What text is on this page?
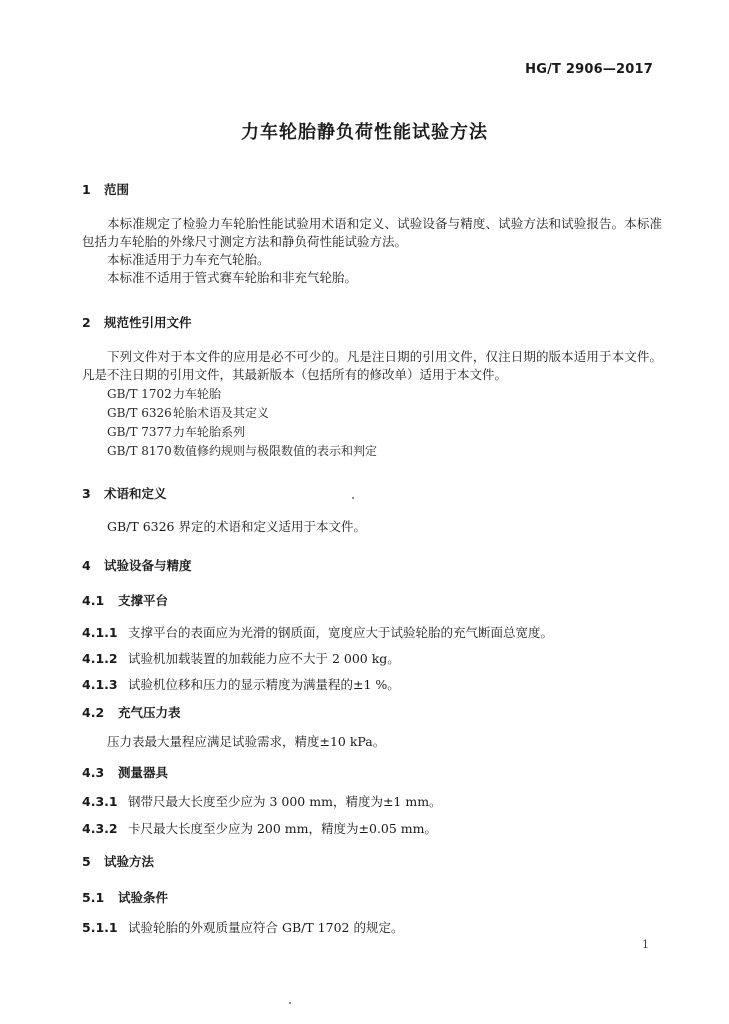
HG/T 2906—2017
力车轮胎静负荷性能试验方法
1 范围
本标准规定了检验力车轮胎性能试验用术语和定义、试验设备与精度、试验方法和试验报告。本标准包括力车轮胎的外缘尺寸测定方法和静负荷性能试验方法。
本标准适用于力车充气轮胎。
本标准不适用于管式赛车轮胎和非充气轮胎。
2 规范性引用文件
下列文件对于本文件的应用是必不可少的。凡是注日期的引用文件，仅注日期的版本适用于本文件。凡是不注日期的引用文件，其最新版本（包括所有的修改单）适用于本文件。
GB/T 1702 力车轮胎
GB/T 6326 轮胎术语及其定义
GB/T 7377 力车轮胎系列
GB/T 8170 数值修约规则与极限数值的表示和判定
3 术语和定义
GB/T 6326 界定的术语和定义适用于本文件。
4 试验设备与精度
4.1 支撑平台
4.1.1 支撑平台的表面应为光滑的钢质面，宽度应大于试验轮胎的充气断面总宽度。
4.1.2 试验机加载装置的加载能力应不大于 2 000 kg。
4.1.3 试验机位移和压力的显示精度为满量程的±1 %。
4.2 充气压力表
压力表最大量程应满足试验需求，精度±10 kPa。
4.3 测量器具
4.3.1 钢带尺最大长度至少应为 3 000 mm，精度为±1 mm。
4.3.2 卡尺最大长度至少应为 200 mm，精度为±0.05 mm。
5 试验方法
5.1 试验条件
5.1.1 试验轮胎的外观质量应符合 GB/T 1702 的规定。
1
